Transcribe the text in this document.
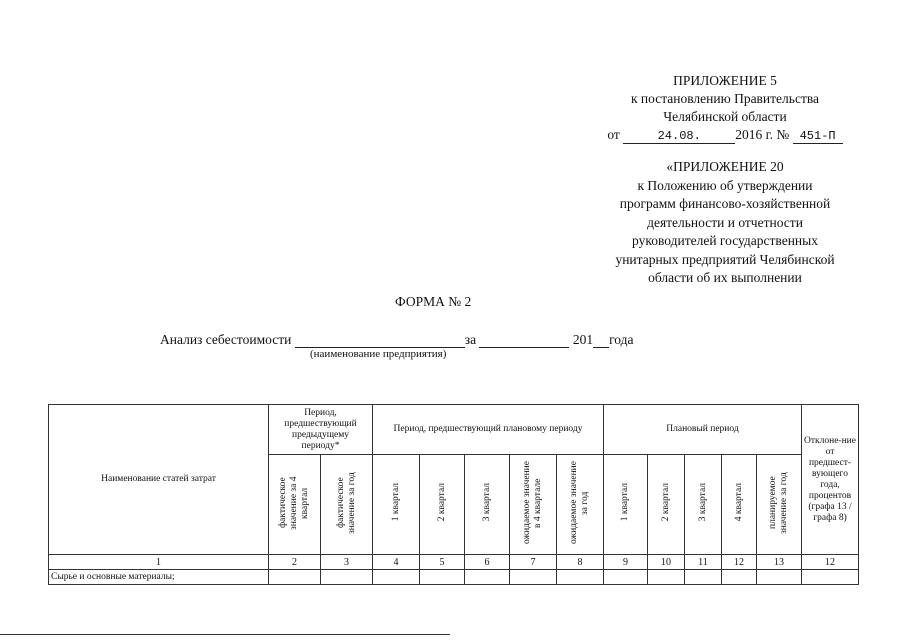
ПРИЛОЖЕНИЕ 5
к постановлению Правительства
Челябинской области
от	24.08.	2016 г. № 451-П
«ПРИЛОЖЕНИЕ 20
к Положению об утверждении
программ финансово-хозяйственной
деятельности и отчетности
руководителей государственных
унитарных предприятий Челябинской
области об их выполнении
ФОРМА № 2
Анализ себестоимости	за	201 года
(наименование предприятия)
Наименование статей затрат	Период, предшествующий предыдущему периоду*		Период, предшествующий плановому периоду					Плановый период					Отклоне-ние от предшест-вующего года, процентов (графа 13 / графа 8)
	фактическое значение за 4 квартал	фактическое значение за год	1 квартал	2 квартал	3 квартал	ожидаемое значение в 4 квартале	ожидаемое значение за год	1 квартал	2 квартал	3 квартал	4 квартал	планируемое значение за год	
1	2	3	4	5	6	7	8	9	10	11	12	13	12
Сырье и основные материалы;													
